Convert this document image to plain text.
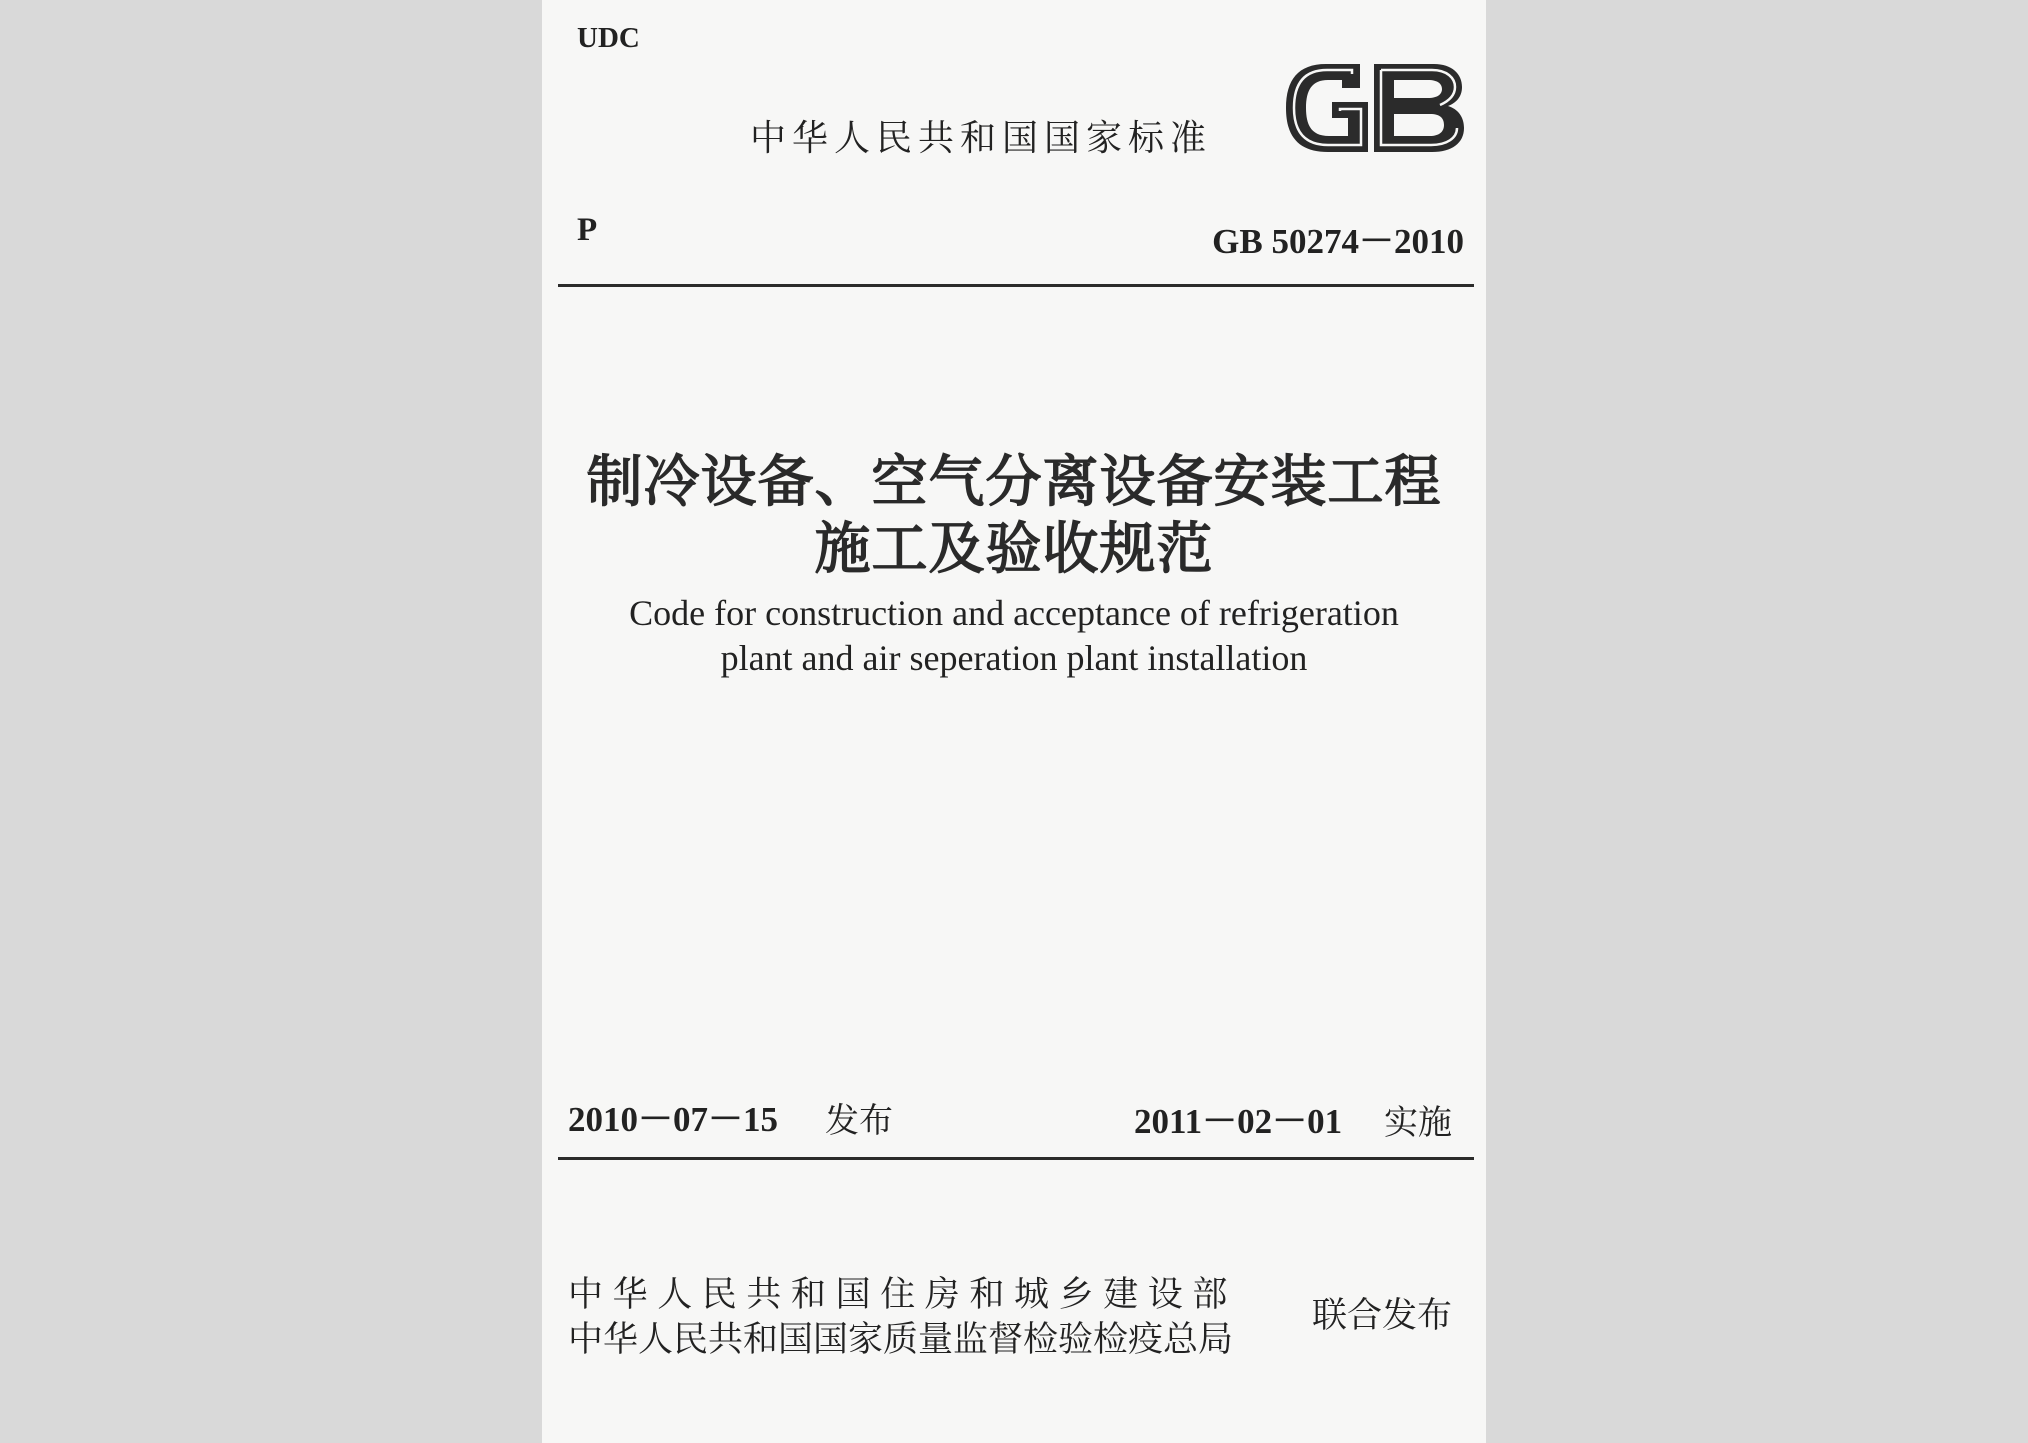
UDC
中华人民共和国国家标准
P	GB 50274－2010
制冷设备、空气分离设备安装工程
施工及验收规范
Code for construction and acceptance of refrigeration
plant and air seperation plant installation
2010－07－15 发布	2011－02－01 实施
中华人民共和国住房和城乡建设部
中华人民共和国国家质量监督检验检疫总局
联合发布
